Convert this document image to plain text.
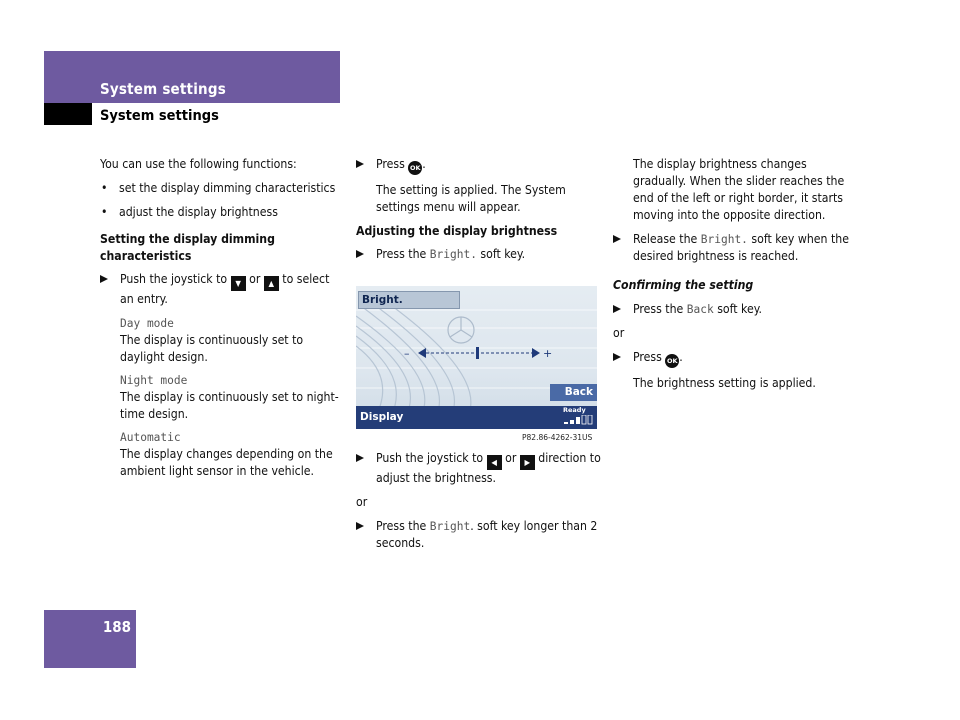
System settings
System settings
188

You can use the following functions:

• set the display dimming characteristics
• adjust the display brightness
Setting the display dimming characteristics
Push the joystick to ▼ or ▲ to select an entry.
Day mode
The display is continuously set to daylight design.
Night mode
The display is continuously set to night-time design.
Automatic
The display changes depending on the ambient light sensor in the vehicle.
Press OK .
The setting is applied. The System settings menu will appear.
Adjusting the display brightness
Press the Bright. soft key.
Bright.
–	+
Back
Display
Ready
P82.86-4262-31US
Push the joystick to ◀ or ▶ direction to adjust the brightness.

or

Press the Bright. soft key longer than 2 seconds.
The display brightness changes gradually. When the slider reaches the end of the left or right border, it starts moving into the opposite direction.
Release the Bright. soft key when the desired brightness is reached.
Confirming the setting
Press the Back soft key.

or

Press OK .
The brightness setting is applied.
